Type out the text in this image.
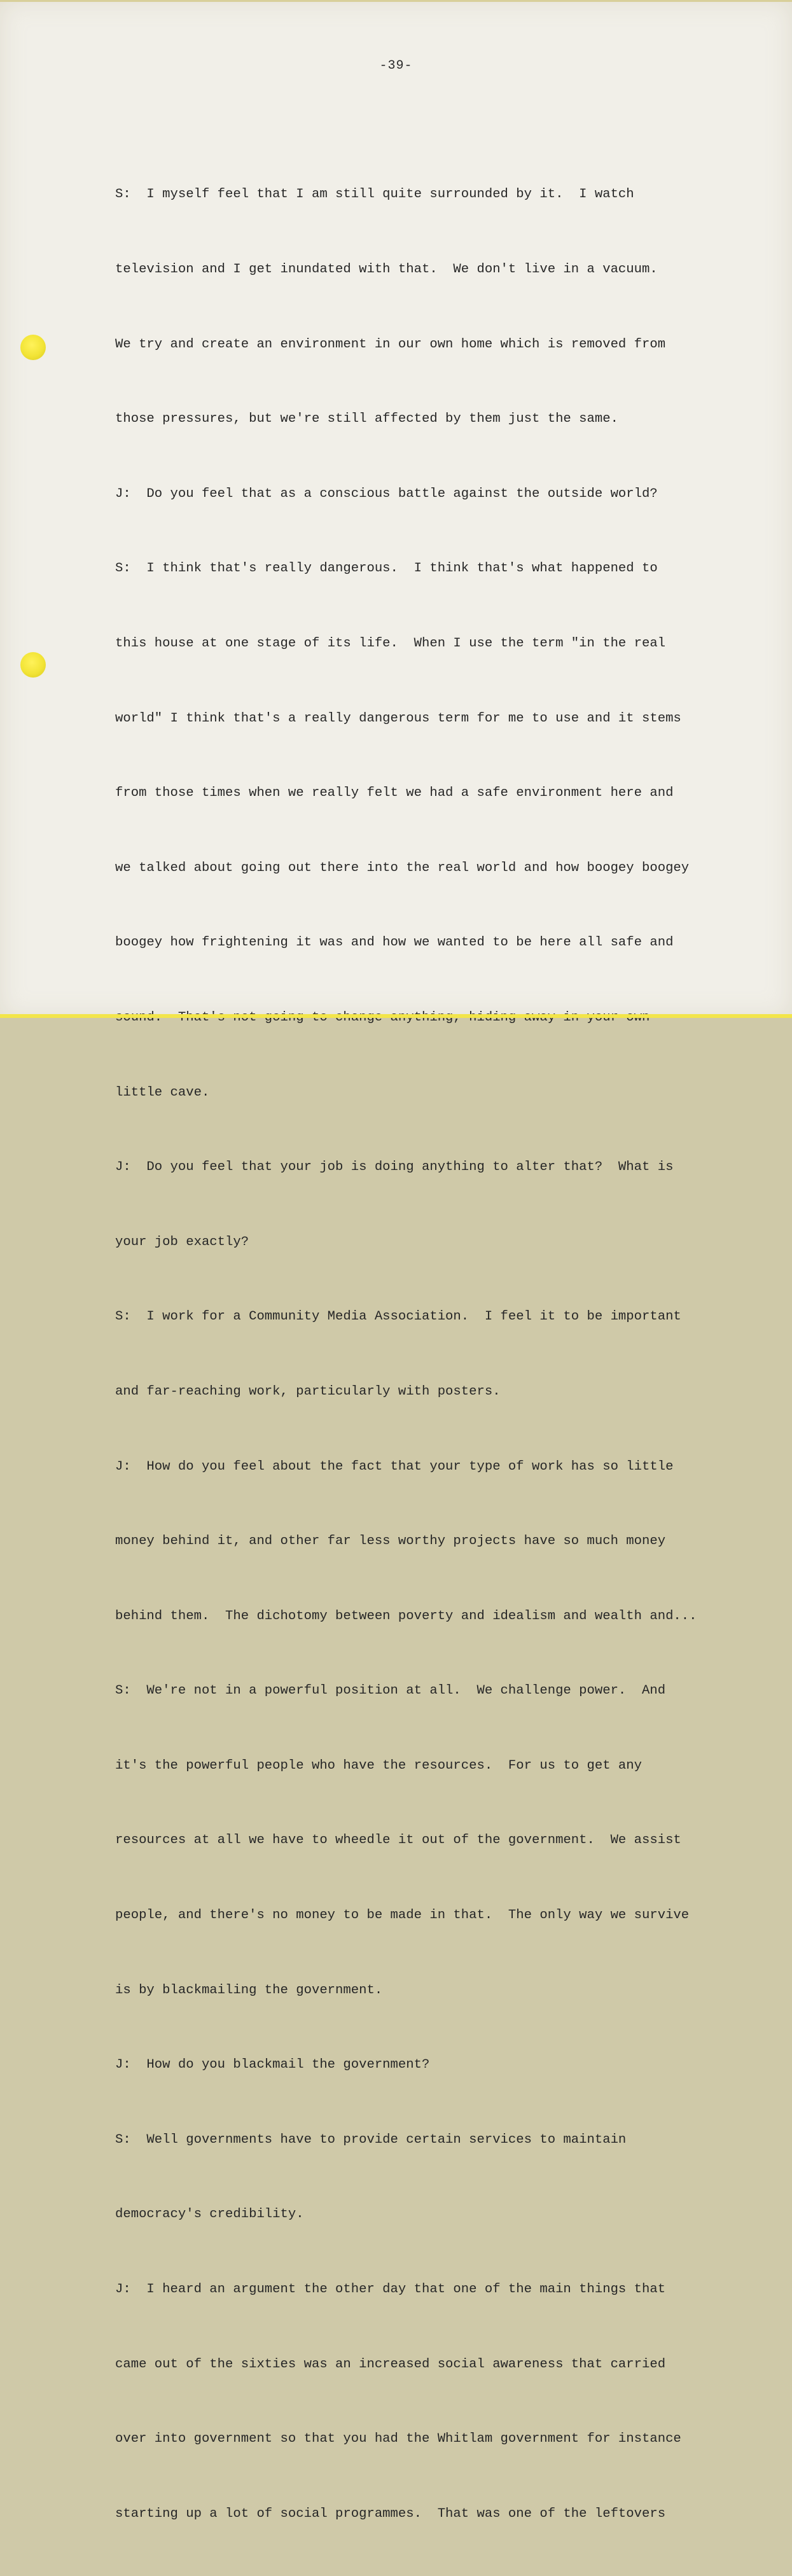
-39-

S:  I myself feel that I am still quite surrounded by it.  I watch

television and I get inundated with that.  We don't live in a vacuum.

We try and create an environment in our own home which is removed from

those pressures, but we're still affected by them just the same.

J:  Do you feel that as a conscious battle against the outside world?

S:  I think that's really dangerous.  I think that's what happened to

this house at one stage of its life.  When I use the term "in the real

world" I think that's a really dangerous term for me to use and it stems

from those times when we really felt we had a safe environment here and

we talked about going out there into the real world and how boogey boogey

boogey how frightening it was and how we wanted to be here all safe and

little cave.

J:  Do you feel that your job is doing anything to alter that?  What is

your job exactly?

S:  I work for a Community Media Association.  I feel it to be important

and far-reaching work, particularly with posters.

J:  How do you feel about the fact that your type of work has so little

money behind it, and other far less worthy projects have so much money

behind them.  The dichotomy between poverty and idealism and wealth and...

S:  We're not in a powerful position at all.  We challenge power.  And

it's the powerful people who have the resources.  For us to get any

resources at all we have to wheedle it out of the government.  We assist

people, and there's no money to be made in that.  The only way we survive

is by blackmailing the government.

J:  How do you blackmail the government?

S:  Well governments have to provide certain services to maintain

democracy's credibility.

J:  I heard an argument the other day that one of the main things that

came out of the sixties was an increased social awareness that carried

over into government so that you had the Whitlam government for instance

starting up a lot of social programmes.  That was one of the leftovers
